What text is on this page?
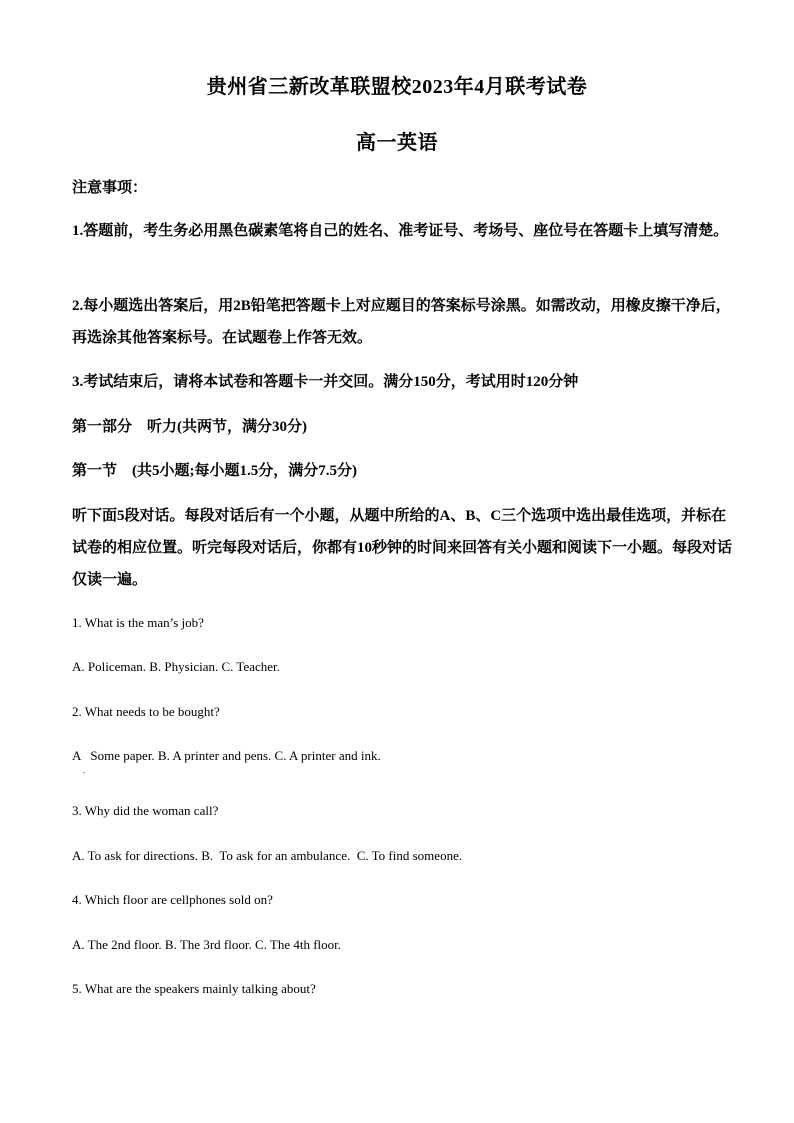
贵州省三新改革联盟校2023年4月联考试卷
高一英语
注意事项：
1.答题前，考生务必用黑色碳素笔将自己的姓名、准考证号、考场号、座位号在答题卡上填写清楚。
2.每小题选出答案后，用2B铅笔把答题卡上对应题目的答案标号涂黑。如需改动，用橡皮擦干净后，再选涂其他答案标号。在试题卷上作答无效。
3.考试结束后，请将本试卷和答题卡一并交回。满分150分，考试用时120分钟
第一部分　听力(共两节，满分30分)
第一节　(共5小题;每小题1.5分，满分7.5分)
听下面5段对话。每段对话后有一个小题，从题中所给的A、B、C三个选项中选出最佳选项，并标在试卷的相应位置。听完每段对话后，你都有10秒钟的时间来回答有关小题和阅读下一小题。每段对话仅读一遍。
1. What is the man’s job?
A. Policeman. B. Physician. C. Teacher.
2. What needs to be bought?
A   Some paper. B. A printer and pens. C. A printer and ink.
.
3. Why did the woman call?
A. To ask for directions. B.  To ask for an ambulance.  C. To find someone.
4. Which floor are cellphones sold on?
A. The 2nd floor. B. The 3rd floor. C. The 4th floor.
5. What are the speakers mainly talking about?
